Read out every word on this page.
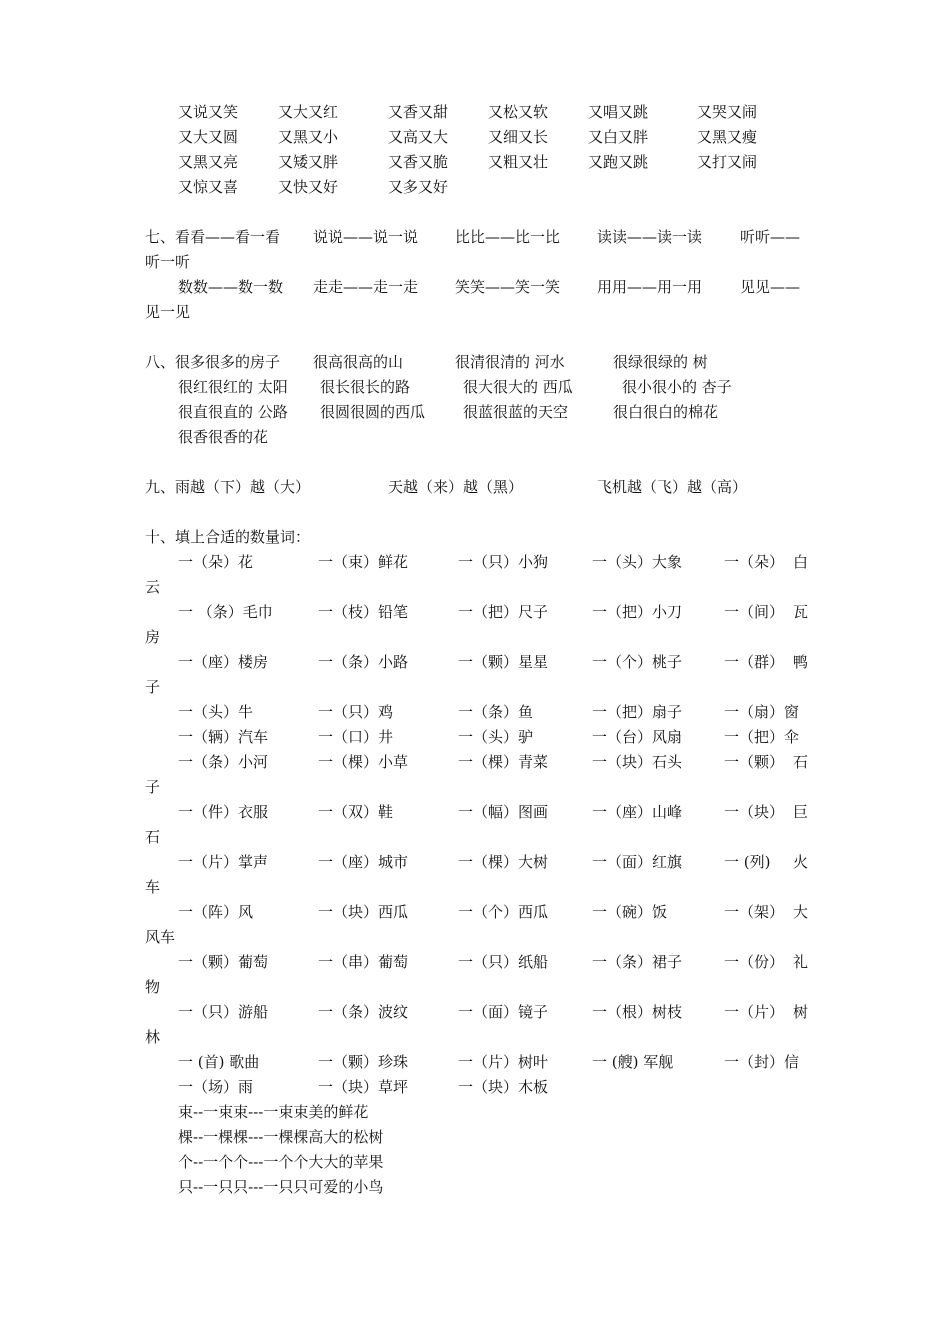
又说又笑	又大又红	又香又甜	又松又软	又唱又跳	又哭又闹
又大又圆	又黑又小	又高又大	又细又长	又白又胖	又黑又瘦
又黑又亮	又矮又胖	又香又脆	又粗又壮	又跑又跳	又打又闹
又惊又喜	又快又好	又多又好
七、看看——看一看 说说——说一说 比比——比一比 读读——读一读	听听——
听一听
数数——数一数 走走——走一走 笑笑——笑一笑 用用——用一用	见见——
见一见
八、很多很多的房子 很高很高的山	很清很清的 河水	很绿很绿的 树
很红很红的 太阳 很长很长的路	很大很大的 西瓜	很小很小的 杏子
很直很直的 公路 很圆很圆的西瓜	很蓝很蓝的天空	很白很白的棉花
很香很香的花
九、雨越（下）越（大）	天越（来）越（黑）	飞机越（飞）越（高）
十、填上合适的数量词：
一（朵）花	一（束）鲜花	一（只）小狗	一（头）大象	一（朵） 白
云
一 （条）毛巾	一（枝）铅笔	一（把）尺子	一（把）小刀	一（间） 瓦
房
一（座）楼房	一（条）小路	一（颗）星星	一（个）桃子	一（群） 鸭
子
一（头）牛	一（只）鸡	一（条）鱼	一（把）扇子	一（扇）窗
一（辆）汽车	一（口）井	一（头）驴	一（台）风扇	一（把）伞
一（条）小河	一（棵）小草	一（棵）青菜	一（块）石头	一（颗） 石
子
一（件）衣服	一（双）鞋	一（幅）图画	一（座）山峰	一（块） 巨
石
一（片）掌声	一（座）城市	一（棵）大树	一（面）红旗	一 (列) 火
车
一（阵）风	一（块）西瓜	一（个）西瓜	一（碗）饭	一（架） 大
风车
一（颗）葡萄	一（串）葡萄	一（只）纸船	一（条）裙子	一（份） 礼
物
一（只）游船	一（条）波纹	一（面）镜子	一（根）树枝	一（片） 树
林
一 (首) 歌曲	一（颗）珍珠	一（片）树叶	一 (艘) 军舰	一（封）信
一（场）雨	一（块）草坪	一（块）木板
束--一束束---一束束美的鲜花
棵--一棵棵---一棵棵高大的松树
个--一个个---一个个大大的苹果
只--一只只---一只只可爱的小鸟
